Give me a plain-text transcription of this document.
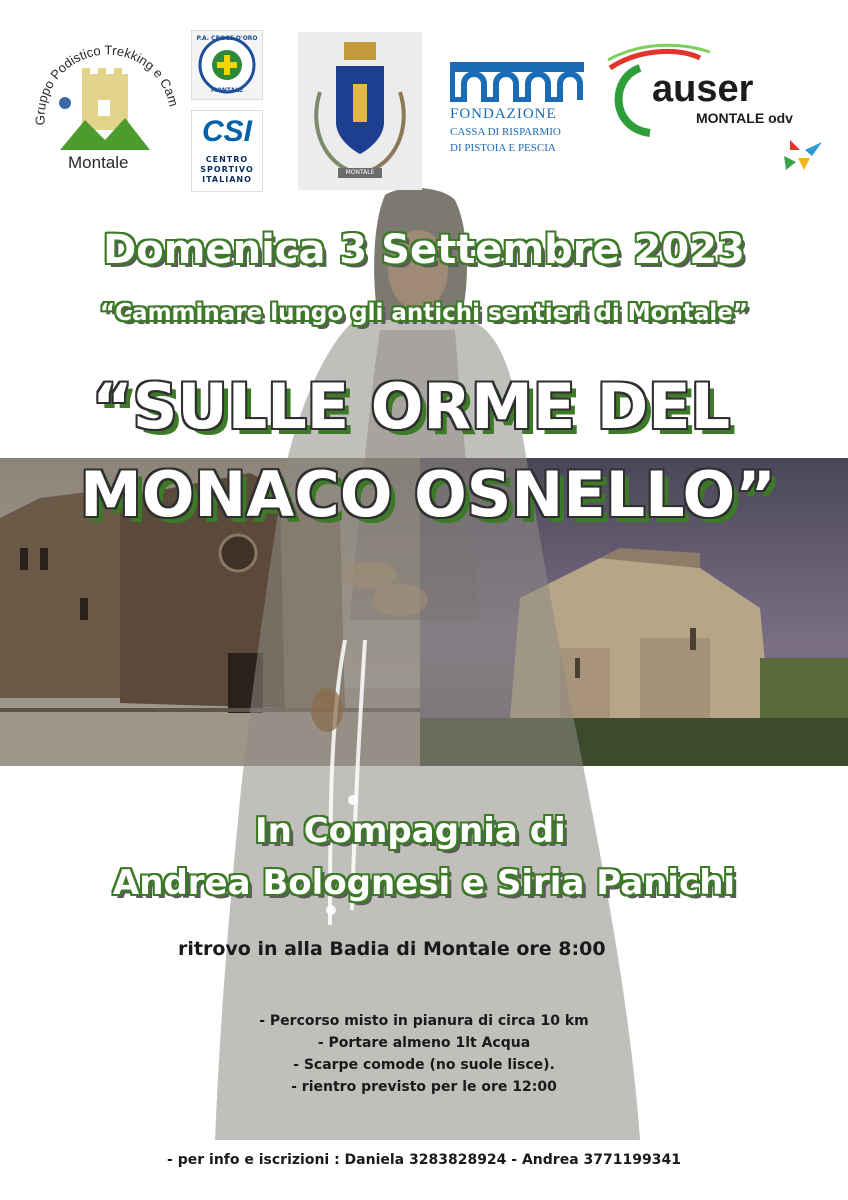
Gruppo Podistico Trekking e Cam
Montale
P.A. CROCE D'ORO
MONTALE
CSI
CENTRO
SPORTIVO
ITALIANO
MONTALE
FONDAZIONE
CASSA DI RISPARMIO
DI PISTOIA E PESCIA
auser
MONTALE odv
Domenica 3 Settembre 2023
“Camminare lungo gli antichi sentieri di Montale”
“SULLE ORME DEL
MONACO OSNELLO”
In Compagnia di
Andrea Bolognesi e Siria Panichi
ritrovo in alla Badia di Montale ore 8:00
- Percorso misto in pianura di circa 10 km
- Portare almeno 1lt Acqua
- Scarpe comode (no suole lisce).
- rientro previsto per le ore 12:00
- per info e iscrizioni : Daniela 3283828924 - Andrea 3771199341
